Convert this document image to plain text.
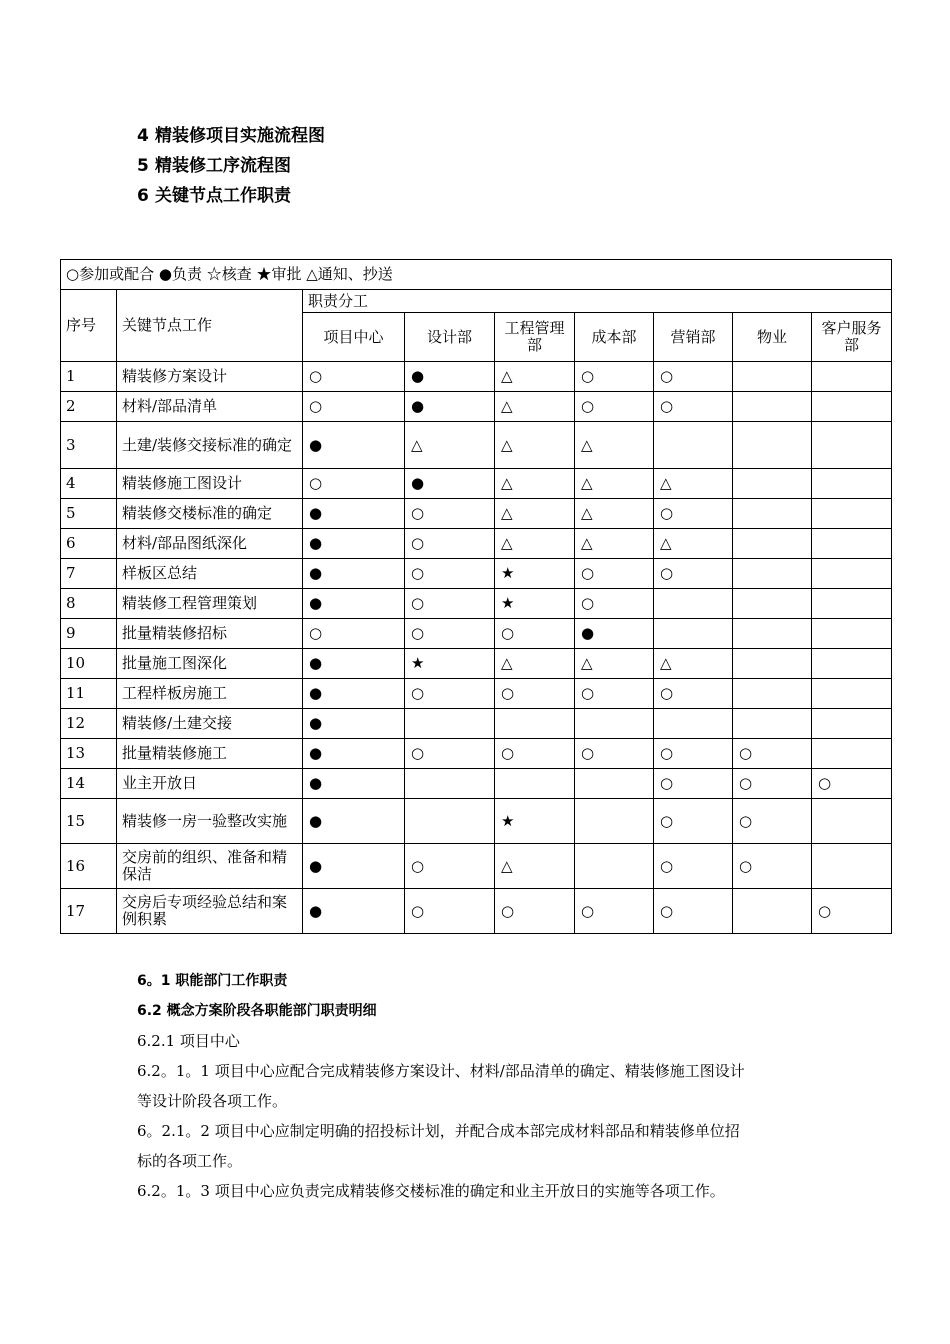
4 精装修项目实施流程图
5 精装修工序流程图
6 关键节点工作职责
○参加或配合 ●负责 ☆核查 ★审批 △通知、抄送								
序号	关键节点工作	职责分工						
		项目中心	设计部	工程管理部	成本部	营销部	物业	客户服务部
1	精装修方案设计	○	●	△	○	○		
2	材料/部品清单	○	●	△	○	○		
3	土建/装修交接标准的确定	●	△	△	△			
4	精装修施工图设计	○	●	△	△	△		
5	精装修交楼标准的确定	●	○	△	△	○		
6	材料/部品图纸深化	●	○	△	△	△		
7	样板区总结	●	○	★	○	○		
8	精装修工程管理策划	●	○	★	○			
9	批量精装修招标	○	○	○	●			
10	批量施工图深化	●	★	△	△	△		
11	工程样板房施工	●	○	○	○	○		
12	精装修/土建交接	●						
13	批量精装修施工	●	○	○	○	○	○	
14	业主开放日	●				○	○	○
15	精装修一房一验整改实施	●		★		○	○	
16	交房前的组织、准备和精保洁	●	○	△		○	○	
17	交房后专项经验总结和案例积累	●	○	○	○	○		○

6。1 职能部门工作职责

6.2 概念方案阶段各职能部门职责明细

6.2.1 项目中心

6.2。1。1 项目中心应配合完成精装修方案设计、材料/部品清单的确定、精装修施工图设计

等设计阶段各项工作。

6。2.1。2 项目中心应制定明确的招投标计划，并配合成本部完成材料部品和精装修单位招

标的各项工作。

6.2。1。3 项目中心应负责完成精装修交楼标准的确定和业主开放日的实施等各项工作。
